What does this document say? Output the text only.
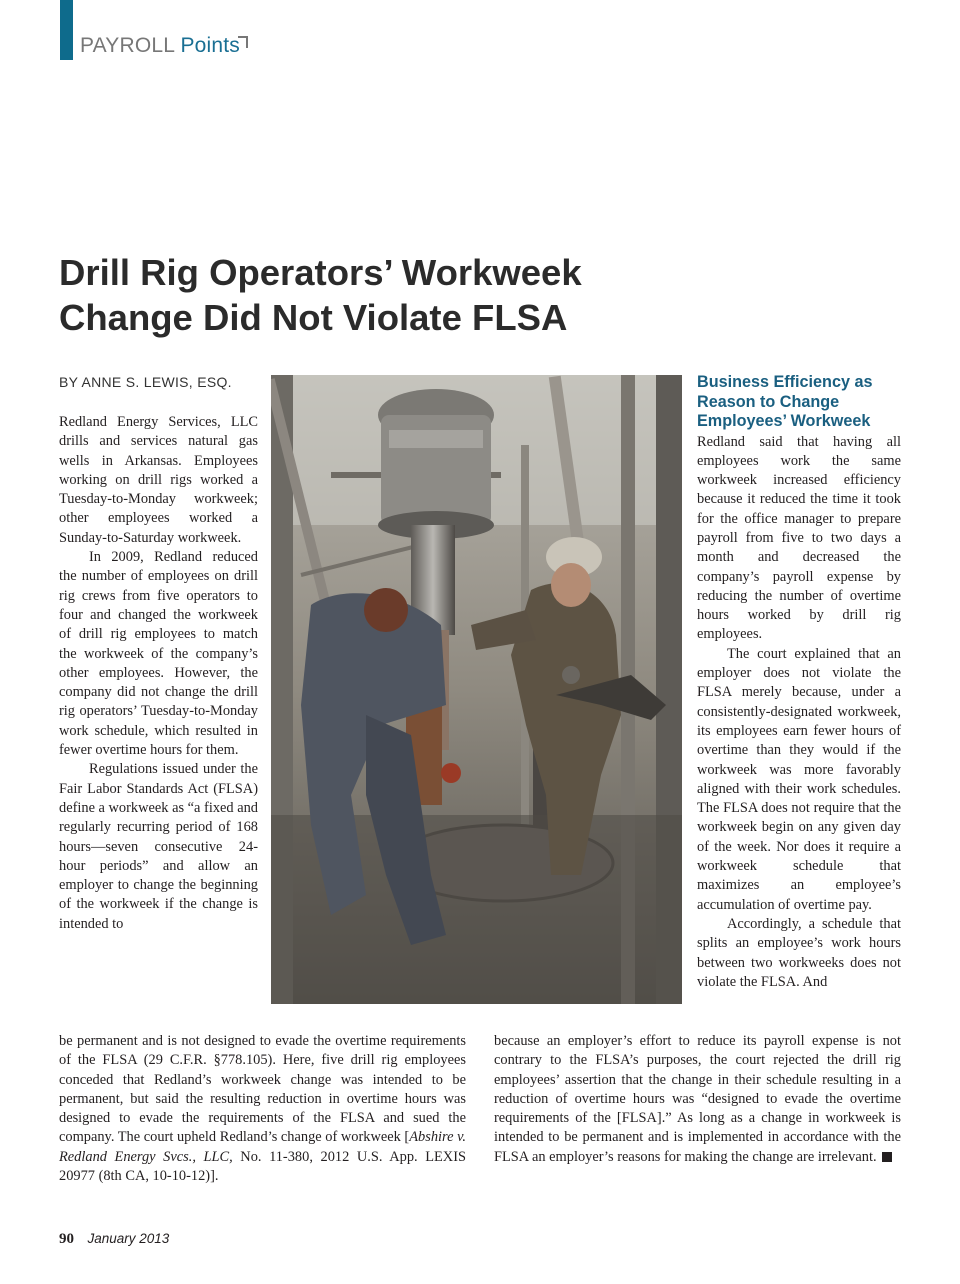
PAYROLL Points
Drill Rig Operators’ Workweek Change Did Not Violate FLSA
BY ANNE S. LEWIS, ESQ.

Redland Energy Services, LLC drills and services natural gas wells in Arkansas. Employees working on drill rigs worked a Tuesday-to-Monday workweek; other employees worked a Sunday-to-Saturday workweek.

In 2009, Redland reduced the number of employees on drill rig crews from five operators to four and changed the workweek of drill rig employees to match the workweek of the company’s other employees. However, the company did not change the drill rig operators’ Tuesday-to-Monday work schedule, which resulted in fewer overtime hours for them.

Regulations issued under the Fair Labor Standards Act (FLSA) define a workweek as “a fixed and regularly recurring period of 168 hours—seven consecutive 24-hour periods” and allow an employer to change the beginning of the workweek if the change is intended to

Business Efficiency as Reason to Change Employees’ Workweek

Redland said that having all employees work the same workweek increased efficiency because it reduced the time it took for the office manager to prepare payroll from five to two days a month and decreased the company’s payroll expense by reducing the number of overtime hours worked by drill rig employees.

The court explained that an employer does not violate the FLSA merely because, under a consistently-designated workweek, its employees earn fewer hours of overtime than they would if the workweek was more favorably aligned with their work schedules. The FLSA does not require that the workweek begin on any given day of the week. Nor does it require a workweek schedule that maximizes an employee’s accumulation of overtime pay.

Accordingly, a schedule that splits an employee’s work hours between two workweeks does not violate the FLSA. And

be permanent and is not designed to evade the overtime requirements of the FLSA (29 C.F.R. §778.105). Here, five drill rig employees conceded that Redland’s workweek change was intended to be permanent, but said the resulting reduction in overtime hours was designed to evade the requirements of the FLSA and sued the company. The court upheld Redland’s change of workweek [Abshire v. Redland Energy Svcs., LLC, No. 11-380, 2012 U.S. App. LEXIS 20977 (8th CA, 10-10-12)].

because an employer’s effort to reduce its payroll expense is not contrary to the FLSA’s purposes, the court rejected the drill rig employees’ assertion that the change in their schedule resulting in a reduction of overtime hours was “designed to evade the overtime requirements of the [FLSA].” As long as a change in workweek is intended to be permanent and is implemented in accordance with the FLSA an employer’s reasons for making the change are irrelevant.

90 January 2013
